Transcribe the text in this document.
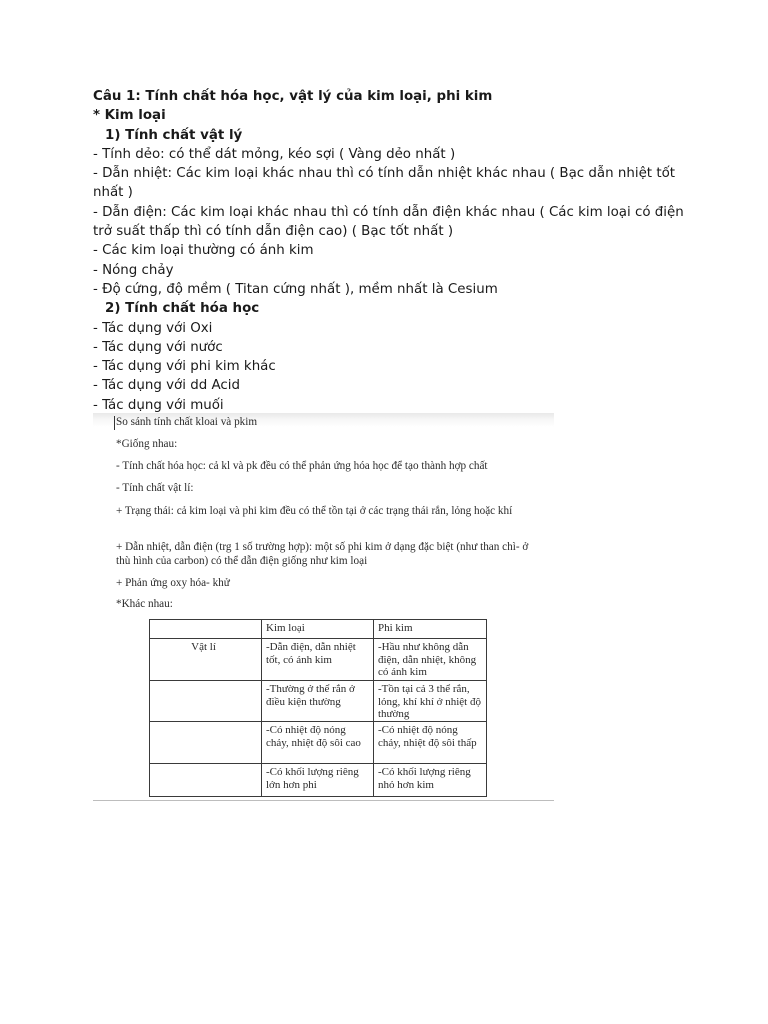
Câu 1: Tính chất hóa học, vật lý của kim loại, phi kim
* Kim loại
1) Tính chất vật lý
- Tính dẻo: có thể dát mỏng, kéo sợi ( Vàng dẻo nhất )
- Dẫn nhiệt: Các kim loại khác nhau thì có tính dẫn nhiệt khác nhau ( Bạc dẫn nhiệt tốt nhất )
- Dẫn điện: Các kim loại khác nhau thì có tính dẫn điện khác nhau ( Các kim loại có điện trở suất thấp thì có tính dẫn điện cao) ( Bạc tốt nhất )
- Các kim loại thường có ánh kim
- Nóng chảy
- Độ cứng, độ mềm ( Titan cứng nhất ), mềm nhất là Cesium
2) Tính chất hóa học
- Tác dụng với Oxi
- Tác dụng với nước
- Tác dụng với phi kim khác
- Tác dụng với dd Acid
- Tác dụng với muối
So sánh tính chất kloai và pkim
*Giống nhau:
- Tính chất hóa học: cả kl và pk đều có thể phản ứng hóa học để tạo thành hợp chất
- Tính chất vật lí:
+ Trạng thái: cả kim loại và phi kim đều có thể tồn tại ở các trạng thái rắn, lỏng hoặc khí
+ Dẫn nhiệt, dẫn điện (trg 1 số trường hợp): một số phi kim ở dạng đặc biệt (như than chì- ở thù hình của carbon) có thể dẫn điện giống như kim loại
+ Phản ứng oxy hóa- khử
*Khác nhau:
	Kim loại	Phi kim
Vật lí	-Dẫn điện, dẫn nhiệt tốt, có ánh kim	-Hầu như không dẫn điện, dẫn nhiệt, không có ánh kim
	-Thường ở thể rắn ở điều kiện thường	-Tồn tại cả 3 thể rắn, lỏng, khí khí ở nhiệt độ thường
	-Có nhiệt độ nóng chảy, nhiệt độ sôi cao	-Có nhiệt độ nóng chảy, nhiệt độ sôi thấp
	-Có khối lượng riêng lớn hơn phi	-Có khối lượng riêng nhỏ hơn kim
